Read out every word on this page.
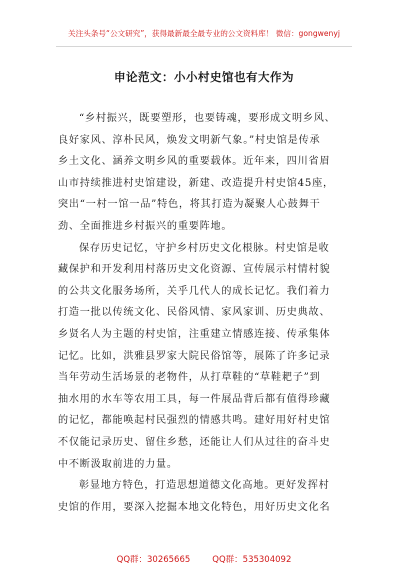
关注头条号“公文研究”，获得最新最全最专业的公文资料库！ 微信：gongwenyj
申论范文：小小村史馆也有大作为
“乡村振兴，既要塑形，也要铸魂，要形成文明乡风、
良好家风、淳朴民风，焕发文明新气象。”村史馆是传承
乡土文化、涵养文明乡风的重要载体。近年来，四川省眉
山市持续推进村史馆建设，新建、改造提升村史馆45座，
突出“一村一馆一品”特色，将其打造为凝聚人心鼓舞干
劲、全面推进乡村振兴的重要阵地。
保存历史记忆，守护乡村历史文化根脉。村史馆是收
藏保护和开发利用村落历史文化资源、宣传展示村情村貌
的公共文化服务场所，关乎几代人的成长记忆。我们着力
打造一批以传统文化、民俗风情、家风家训、历史典故、
乡贤名人为主题的村史馆，注重建立情感连接、传承集体
记忆。比如，洪雅县罗家大院民俗馆等，展陈了许多记录
当年劳动生活场景的老物件，从打草鞋的“草鞋耙子”到
抽水用的水车等农用工具，每一件展品背后都有值得珍藏
的记忆，都能唤起村民强烈的情感共鸣。建好用好村史馆
不仅能记录历史、留住乡愁，还能让人们从过往的奋斗史
中不断汲取前进的力量。
彰显地方特色，打造思想道德文化高地。更好发挥村
史馆的作用，要深入挖掘本地文化特色，用好历史文化名
QQ群：30265665	QQ群：535304092
